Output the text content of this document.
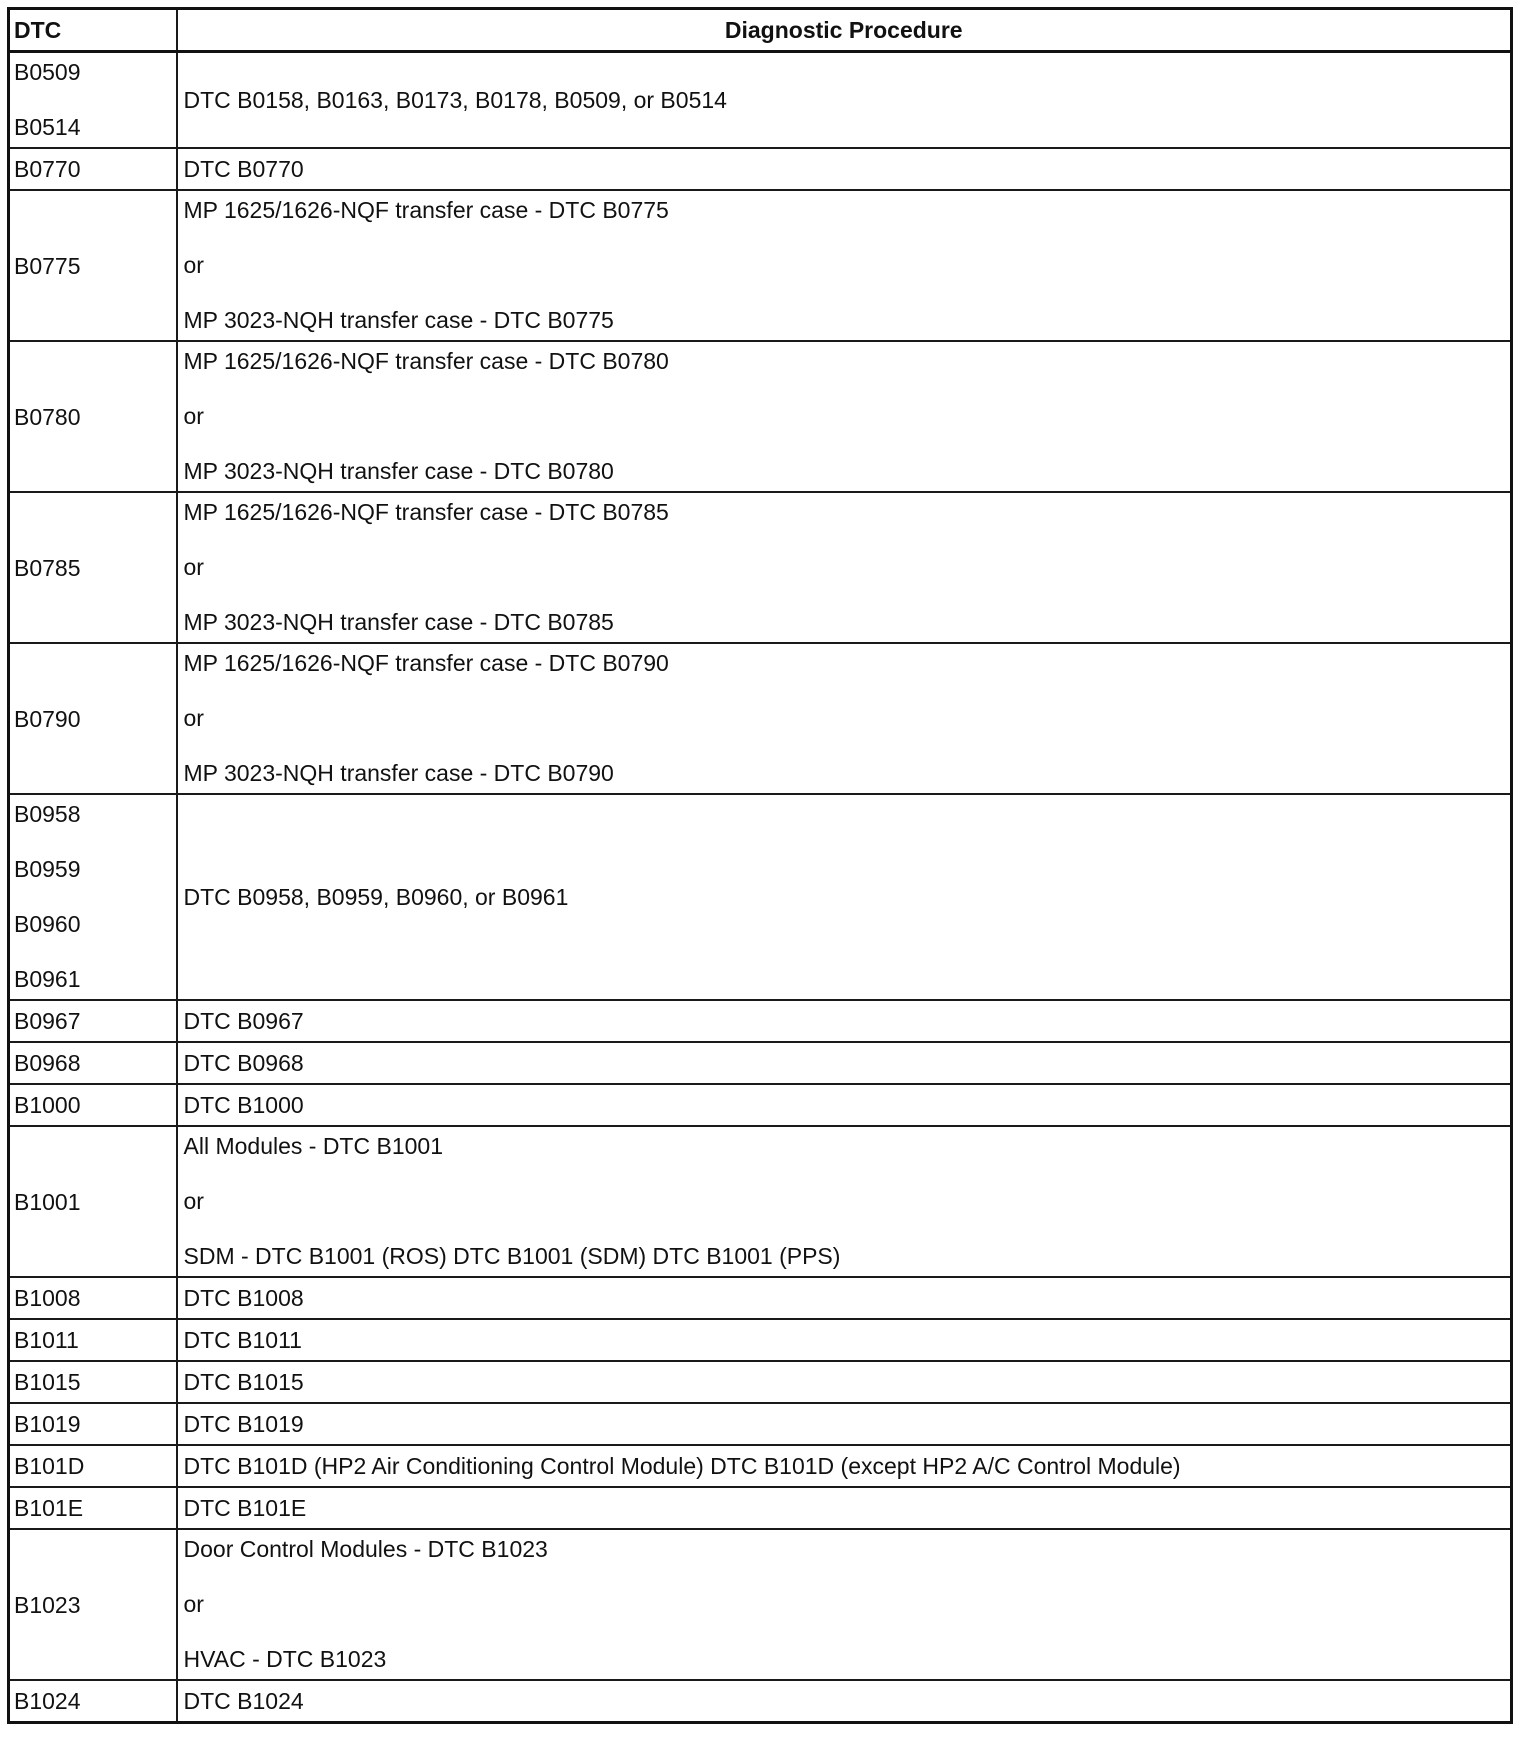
DTC	Diagnostic Procedure

B0509
B0514	DTC B0158, B0163, B0173, B0178, B0509, or B0514

B0770	DTC B0770

B0775	MP 1625/1626-NQF transfer case - DTC B0775
or
MP 3023-NQH transfer case - DTC B0775

B0780	MP 1625/1626-NQF transfer case - DTC B0780
or
MP 3023-NQH transfer case - DTC B0780

B0785	MP 1625/1626-NQF transfer case - DTC B0785
or
MP 3023-NQH transfer case - DTC B0785

B0790	MP 1625/1626-NQF transfer case - DTC B0790
or
MP 3023-NQH transfer case - DTC B0790

B0958
B0959
B0960
B0961	DTC B0958, B0959, B0960, or B0961

B0967	DTC B0967

B0968	DTC B0968

B1000	DTC B1000

B1001	All Modules - DTC B1001
or
SDM - DTC B1001 (ROS) DTC B1001 (SDM) DTC B1001 (PPS)

B1008	DTC B1008

B1011	DTC B1011

B1015	DTC B1015

B1019	DTC B1019

B101D	DTC B101D (HP2 Air Conditioning Control Module) DTC B101D (except HP2 A/C Control Module)

B101E	DTC B101E

B1023	Door Control Modules - DTC B1023
or
HVAC - DTC B1023

B1024	DTC B1024
